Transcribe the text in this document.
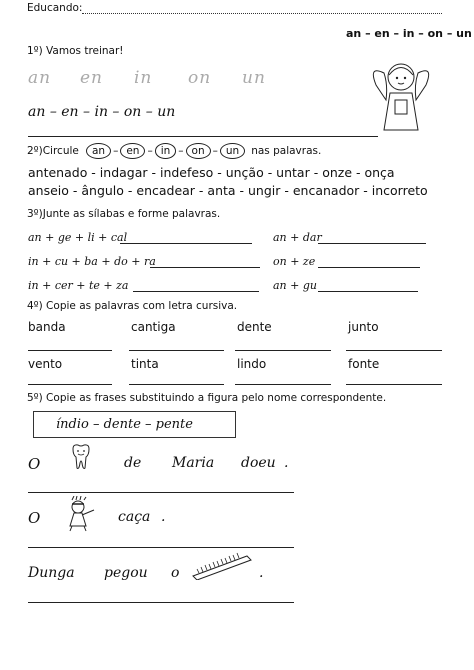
Educando:
an – en – in – on – un
1º) Vamos treinar!
an en in on un
an – en – in – on – un
2º)Circule	an – en – in – on – un	nas palavras.
antenado - indagar - indefeso - unção - untar - onze - onça
anseio - ângulo - encadear - anta - ungir - encanador - incorreto
3º)Junte as sílabas e forme palavras.
an + ge + li + cal	an + dar
in + cu + ba + do + ra	on + ze
in + cer + te + za	an + gu
4º) Copie as palavras com letra cursiva.
banda	cantiga	dente	junto
vento	tinta	lindo	fonte
5º) Copie as frases substituindo a figura pelo nome correspondente.
índio – dente – pente
O	de Maria doeu .
O	caça .
Dunga pegou o	.
